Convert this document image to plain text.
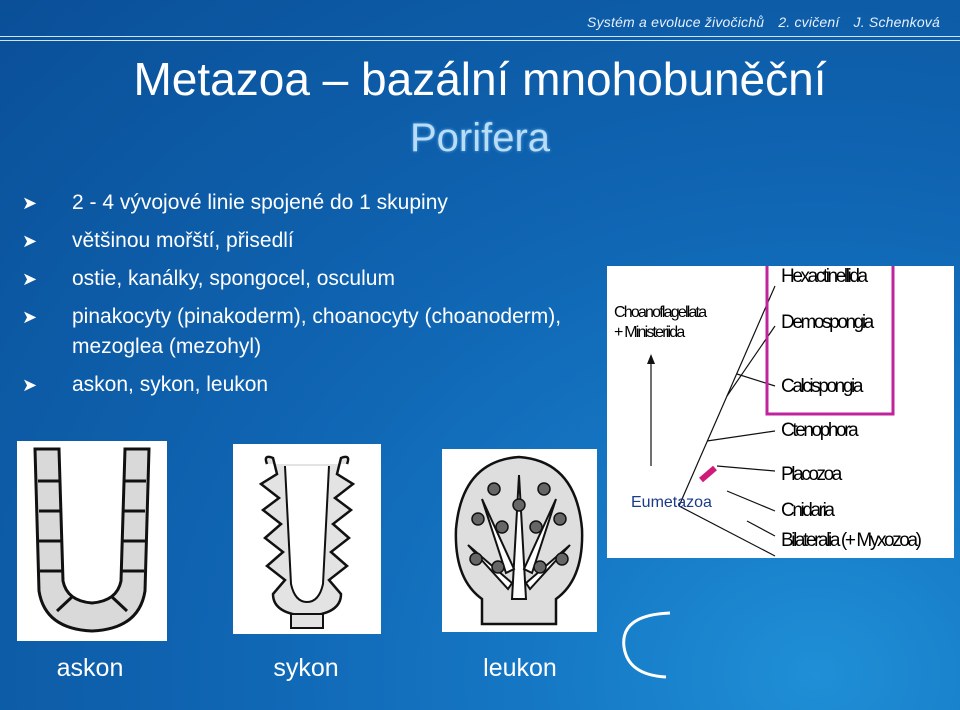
Systém a evoluce živočichů 2. cvičení J. Schenková
Metazoa – bazální mnohobuněční
Porifera
➤ 2 - 4 vývojové linie spojené do 1 skupiny
➤ většinou mořští, přisedlí
➤ ostie, kanálky, spongocel, osculum
➤ pinakocyty (pinakoderm), choanocyty (choanoderm), mezoglea (mezohyl)
➤ askon, sykon, leukon
askon	sykon	leukon
Choanoflagellata
+ Ministeriida
Hexactinellida
Demospongia
Calcispongia
Ctenophora
Placozoa
Cnidaria
Bilateralia (+ Myxozoa)
Eumetazoa
